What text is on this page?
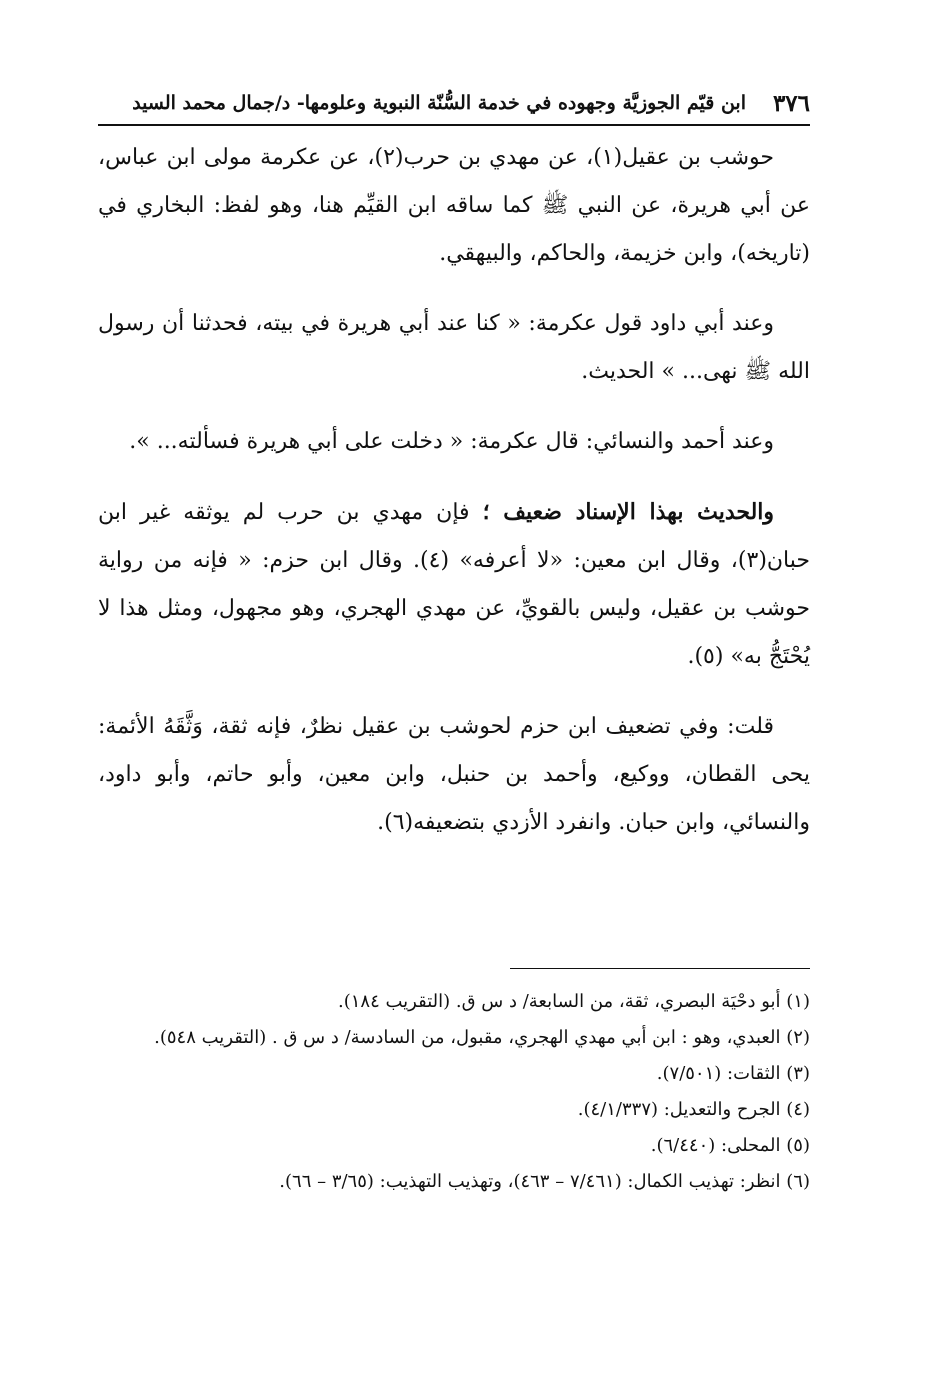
٣٧٦
ابن قيّم الجوزيَّة وجهوده في خدمة السُّنّة النبوية وعلومها- د/جمال محمد السيد

حوشب بن عقيل(١)، عن مهدي بن حرب(٢)، عن عكرمة مولى ابن عباس، عن أبي هريرة، عن النبي ﷺ كما ساقه ابن القيِّم هنا، وهو لفظ: البخاري في (تاريخه)، وابن خزيمة، والحاكم، والبيهقي.

وعند أبي داود قول عكرمة: « كنا عند أبي هريرة في بيته، فحدثنا أن رسول الله ﷺ نهى... » الحديث.

وعند أحمد والنسائي: قال عكرمة: « دخلت على أبي هريرة فسألته... ».

والحديث بهذا الإسناد ضعيف ؛ فإن مهدي بن حرب لم يوثقه غير ابن حبان(٣)، وقال ابن معين: «لا أعرفه» (٤). وقال ابن حزم: « فإنه من رواية حوشب بن عقيل، وليس بالقويِّ، عن مهدي الهجري، وهو مجهول، ومثل هذا لا يُحْتَجُّ به» (٥).

قلت: وفي تضعيف ابن حزم لحوشب بن عقيل نظرٌ، فإنه ثقة، وَثَّقَهُ الأئمة: يحى القطان، ووكيع، وأحمد بن حنبل، وابن معين، وأبو حاتم، وأبو داود، والنسائي، وابن حبان. وانفرد الأزدي بتضعيفه(٦).

(١) أبو دحْيَة البصري، ثقة، من السابعة/ د س ق. (التقريب ١٨٤).

(٢) العبدي، وهو : ابن أبي مهدي الهجري، مقبول، من السادسة/ د س ق . (التقريب ٥٤٨).

(٣) الثقات: (٧/٥٠١).

(٤) الجرح والتعديل: (٤/١/٣٣٧).

(٥) المحلى: (٦/٤٤٠).

(٦) انظر: تهذيب الكمال: (٧/٤٦١ – ٤٦٣)، وتهذيب التهذيب: (٣/٦٥ – ٦٦).
